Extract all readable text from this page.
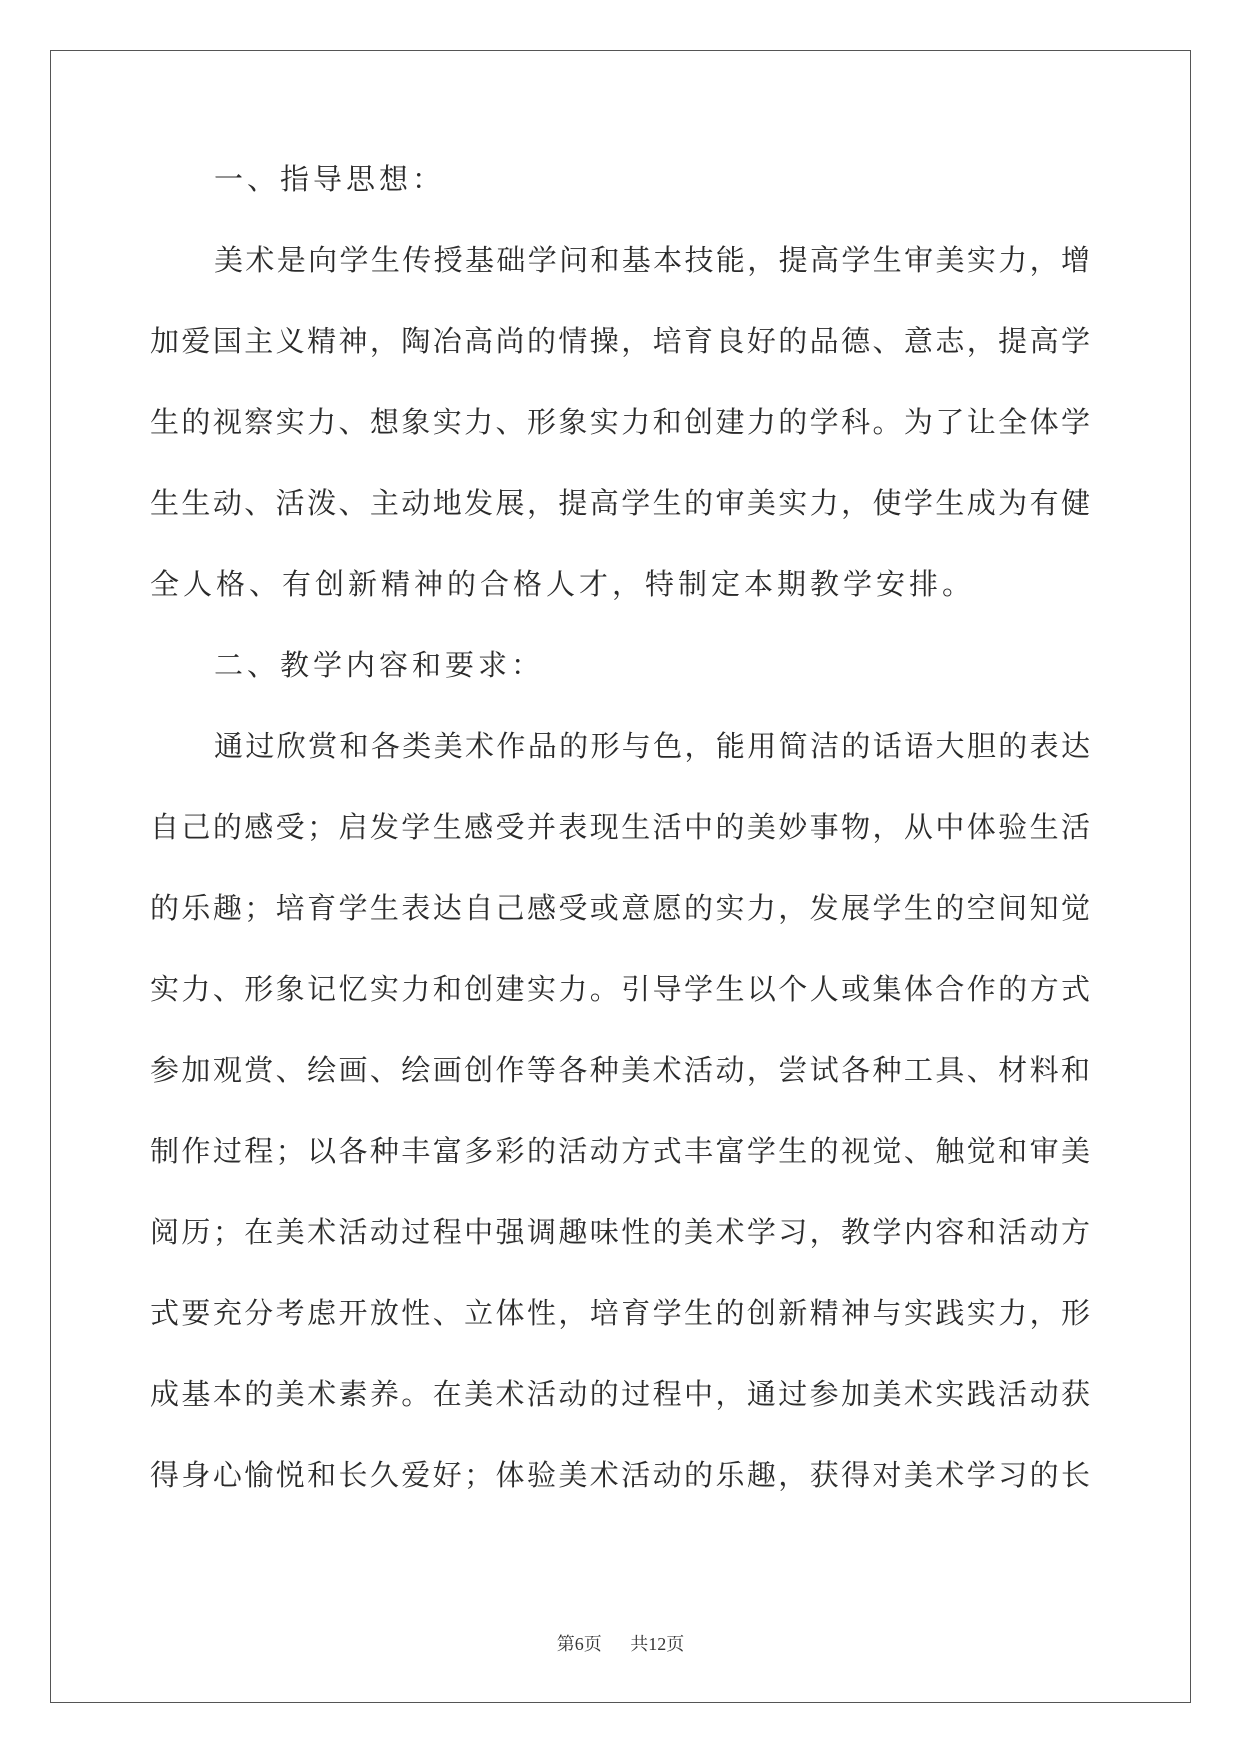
一、指导思想：
美术是向学生传授基础学问和基本技能，提高学生审美实力，增
加爱国主义精神，陶冶高尚的情操，培育良好的品德、意志，提高学
生的视察实力、想象实力、形象实力和创建力的学科。为了让全体学
生生动、活泼、主动地发展，提高学生的审美实力，使学生成为有健
全人格、有创新精神的合格人才，特制定本期教学安排。
二、教学内容和要求：
通过欣赏和各类美术作品的形与色，能用简洁的话语大胆的表达
自己的感受；启发学生感受并表现生活中的美妙事物，从中体验生活
的乐趣；培育学生表达自己感受或意愿的实力，发展学生的空间知觉
实力、形象记忆实力和创建实力。引导学生以个人或集体合作的方式
参加观赏、绘画、绘画创作等各种美术活动，尝试各种工具、材料和
制作过程；以各种丰富多彩的活动方式丰富学生的视觉、触觉和审美
阅历；在美术活动过程中强调趣味性的美术学习，教学内容和活动方
式要充分考虑开放性、立体性，培育学生的创新精神与实践实力，形
成基本的美术素养。在美术活动的过程中，通过参加美术实践活动获
得身心愉悦和长久爱好；体验美术活动的乐趣，获得对美术学习的长
第6页 共12页
